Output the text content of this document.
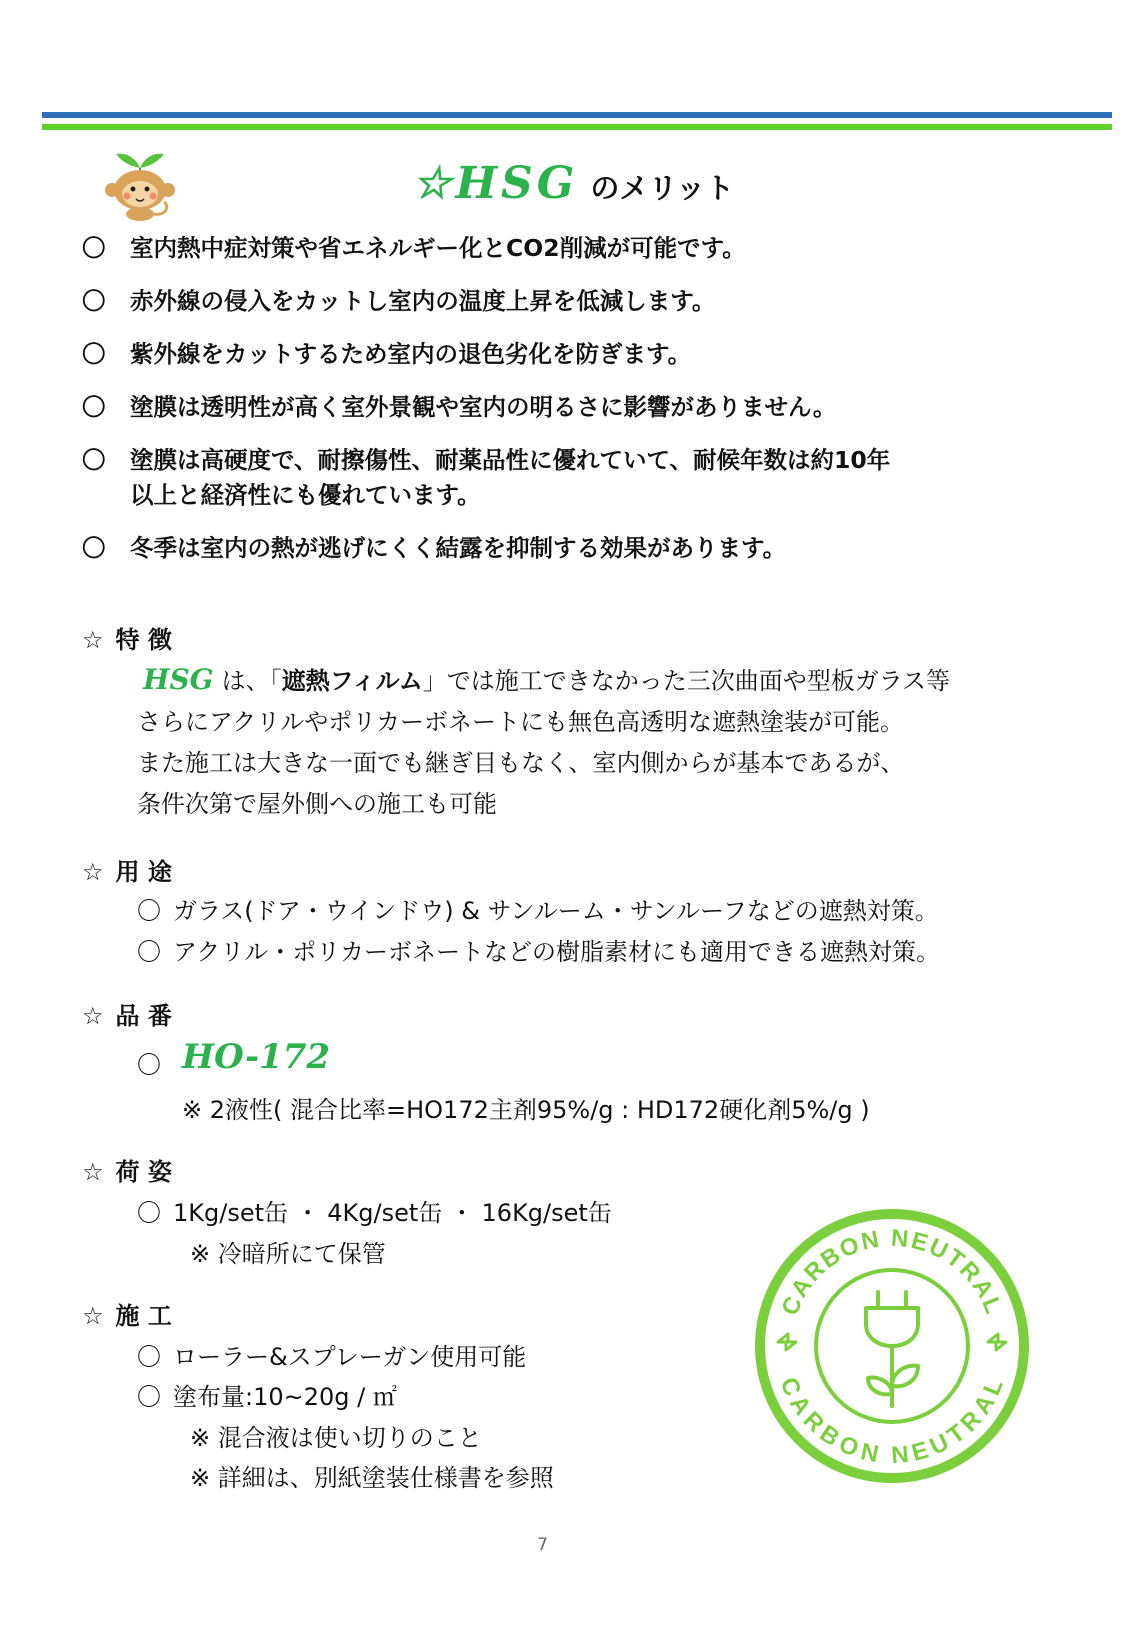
☆HSG のメリット
〇 室内熱中症対策や省エネルギー化とCO2削減が可能です。
〇 赤外線の侵入をカットし室内の温度上昇を低減します。
〇 紫外線をカットするため室内の退色劣化を防ぎます。
〇 塗膜は透明性が高く室外景観や室内の明るさに影響がありません。
〇 塗膜は高硬度で、耐擦傷性、耐薬品性に優れていて、耐候年数は約10年
以上と経済性にも優れています。
〇 冬季は室内の熱が逃げにくく結露を抑制する効果があります。
☆ 特 徴
HSG は、「遮熱フィルム」では施工できなかった三次曲面や型板ガラス等
さらにアクリルやポリカーボネートにも無色高透明な遮熱塗装が可能。
また施工は大きな一面でも継ぎ目もなく、室内側からが基本であるが、
条件次第で屋外側への施工も可能
☆ 用 途
〇 ガラス(ドア・ウインドウ) & サンルーム・サンルーフなどの遮熱対策。
〇 アクリル・ポリカーボネートなどの樹脂素材にも適用できる遮熱対策。
☆ 品 番
〇 HO-172
※ 2液性( 混合比率=HO172主剤95%/g : HD172硬化剤5%/g )
☆ 荷 姿
〇 1Kg/set缶 ・ 4Kg/set缶 ・ 16Kg/set缶
※ 冷暗所にて保管
☆ 施 工
〇 ローラー&スプレーガン使用可能
〇 塗布量:10~20g / ㎡
※ 混合液は使い切りのこと
※ 詳細は、別紙塗装仕様書を参照
CARBON NEUTRAL
CARBON NEUTRAL
7
